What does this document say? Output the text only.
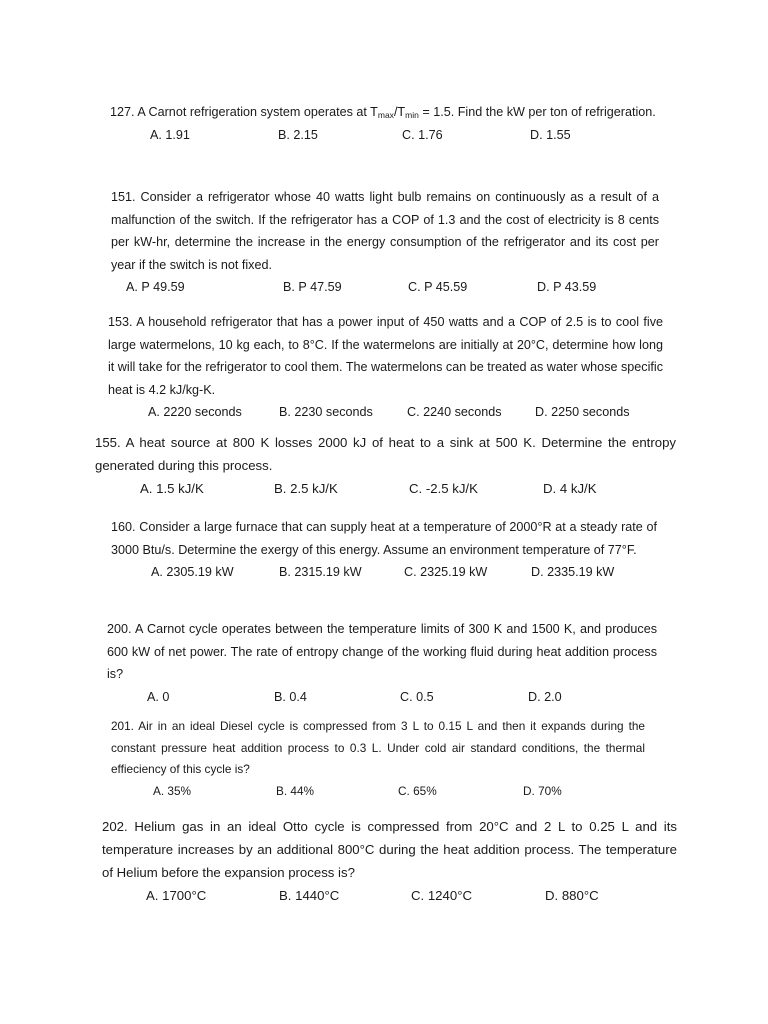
127. A Carnot refrigeration system operates at $T_{max}/T_{min} = 1.5$. Find the kW per ton of refrigeration.
A. 1.91	B. 2.15	C. 1.76	D. 1.55
151. Consider a refrigerator whose 40 watts light bulb remains on continuously as a result of a malfunction of the switch. If the refrigerator has a COP of 1.3 and the cost of electricity is 8 cents per kW-hr, determine the increase in the energy consumption of the refrigerator and its cost per year if the switch is not fixed.
A. P 49.59	B. P 47.59	C. P 45.59	D. P 43.59
153. A household refrigerator that has a power input of 450 watts and a COP of 2.5 is to cool five large watermelons, 10 kg each, to 8°C. If the watermelons are initially at 20°C, determine how long it will take for the refrigerator to cool them. The watermelons can be treated as water whose specific heat is 4.2 kJ/kg-K.
A. 2220 seconds	B. 2230 seconds	C. 2240 seconds	D. 2250 seconds
155. A heat source at 800 K losses 2000 kJ of heat to a sink at 500 K. Determine the entropy generated during this process.
A. 1.5 kJ/K	B. 2.5 kJ/K	C. -2.5 kJ/K	D. 4 kJ/K
160. Consider a large furnace that can supply heat at a temperature of 2000°R at a steady rate of 3000 Btu/s. Determine the exergy of this energy. Assume an environment temperature of 77°F.
A. 2305.19 kW	B. 2315.19 kW	C. 2325.19 kW	D. 2335.19 kW
200. A Carnot cycle operates between the temperature limits of 300 K and 1500 K, and produces 600 kW of net power. The rate of entropy change of the working fluid during heat addition process is?
A. 0	B. 0.4	C. 0.5	D. 2.0
201. Air in an ideal Diesel cycle is compressed from 3 L to 0.15 L and then it expands during the constant pressure heat addition process to 0.3 L. Under cold air standard conditions, the thermal effieciency of this cycle is?
A. 35%	B. 44%	C. 65%	D. 70%
202. Helium gas in an ideal Otto cycle is compressed from 20°C and 2 L to 0.25 L and its temperature increases by an additional 800°C during the heat addition process. The temperature of Helium before the expansion process is?
A. 1700°C	B. 1440°C	C. 1240°C	D. 880°C
